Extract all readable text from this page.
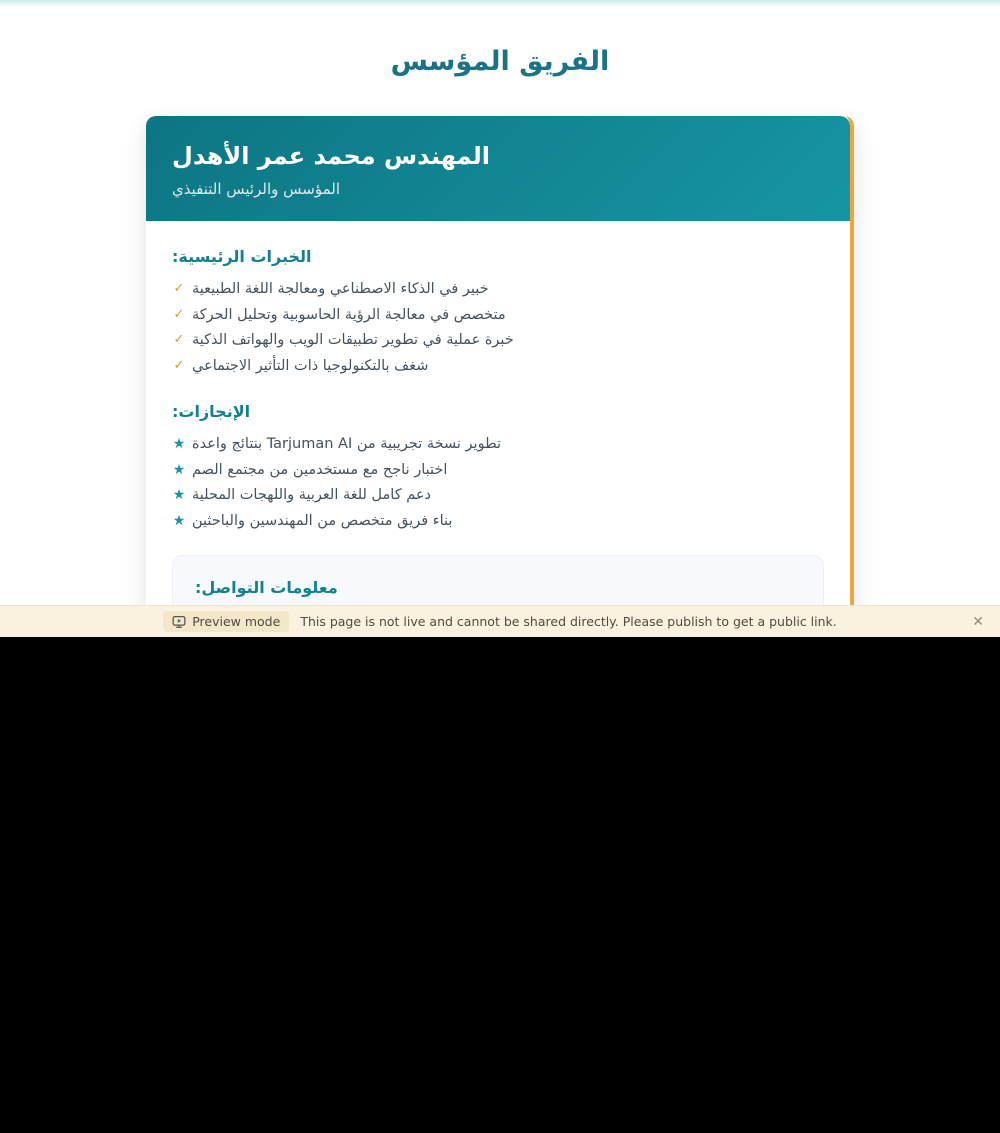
الفريق المؤسس
المهندس محمد عمر الأهدل
المؤسس والرئيس التنفيذي
الخبرات الرئيسية:
✓ خبير في الذكاء الاصطناعي ومعالجة اللغة الطبيعية
✓ متخصص في معالجة الرؤية الحاسوبية وتحليل الحركة
✓ خبرة عملية في تطوير تطبيقات الويب والهواتف الذكية
✓ شغف بالتكنولوجيا ذات التأثير الاجتماعي
الإنجازات:
★ تطوير نسخة تجريبية من Tarjuman AI بنتائج واعدة
★ اختبار ناجح مع مستخدمين من مجتمع الصم
★ دعم كامل للغة العربية واللهجات المحلية
★ بناء فريق متخصص من المهندسين والباحثين
معلومات التواصل:
Preview mode This page is not live and cannot be shared directly. Please publish to get a public link.	✕
